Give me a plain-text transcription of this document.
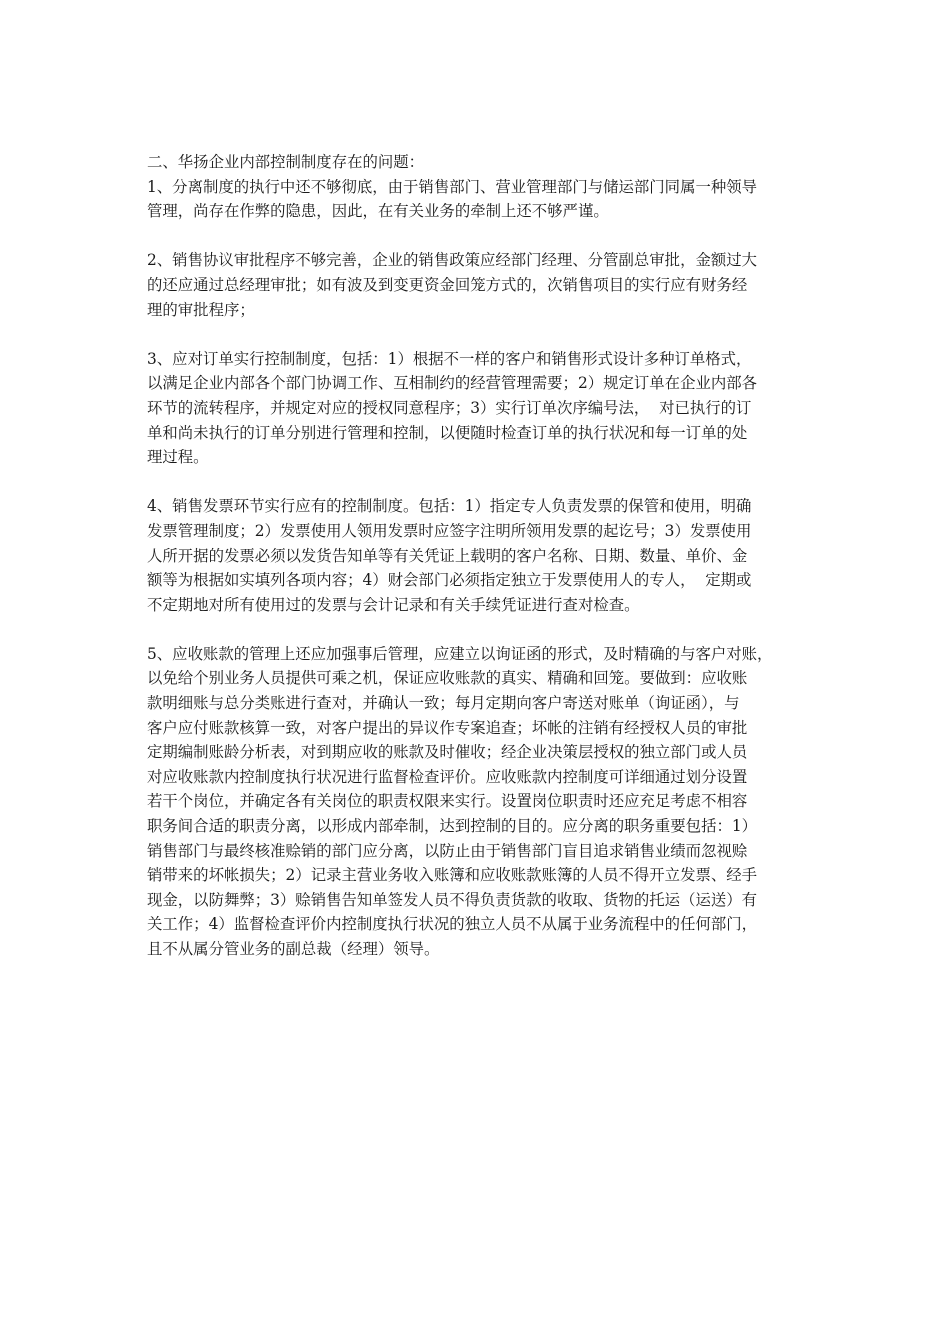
二、华扬企业内部控制制度存在的问题：
1、分离制度的执行中还不够彻底，由于销售部门、营业管理部门与储运部门同属一种领导
管理，尚存在作弊的隐患，因此，在有关业务的牵制上还不够严谨。
2、销售协议审批程序不够完善，企业的销售政策应经部门经理、分管副总审批，金额过大
的还应通过总经理审批；如有波及到变更资金回笼方式的，次销售项目的实行应有财务经
理的审批程序；
3、应对订单实行控制制度，包括：1）根据不一样的客户和销售形式设计多种订单格式，
以满足企业内部各个部门协调工作、互相制约的经营管理需要；2）规定订单在企业内部各
环节的流转程序，并规定对应的授权同意程序；3）实行订单次序编号法，  对已执行的订
单和尚未执行的订单分别进行管理和控制，以便随时检查订单的执行状况和每一订单的处
理过程。
4、销售发票环节实行应有的控制制度。包括：1）指定专人负责发票的保管和使用，明确
发票管理制度；2）发票使用人领用发票时应签字注明所领用发票的起讫号；3）发票使用
人所开据的发票必须以发货告知单等有关凭证上载明的客户名称、日期、数量、单价、金
额等为根据如实填列各项内容；4）财会部门必须指定独立于发票使用人的专人，  定期或
不定期地对所有使用过的发票与会计记录和有关手续凭证进行查对检查。
5、应收账款的管理上还应加强事后管理，应建立以询证函的形式，及时精确的与客户对账，
以免给个别业务人员提供可乘之机，保证应收账款的真实、精确和回笼。要做到：应收账
款明细账与总分类账进行查对，并确认一致；每月定期向客户寄送对账单（询证函），与
客户应付账款核算一致，对客户提出的异议作专案追查；坏帐的注销有经授权人员的审批
定期编制账龄分析表，对到期应收的账款及时催收；经企业决策层授权的独立部门或人员
对应收账款内控制度执行状况进行监督检查评价。应收账款内控制度可详细通过划分设置
若干个岗位，并确定各有关岗位的职责权限来实行。设置岗位职责时还应充足考虑不相容
职务间合适的职责分离，以形成内部牵制，达到控制的目的。应分离的职务重要包括：1）
销售部门与最终核准赊销的部门应分离，以防止由于销售部门盲目追求销售业绩而忽视赊
销带来的坏帐损失；2）记录主营业务收入账簿和应收账款账簿的人员不得开立发票、经手
现金，以防舞弊；3）赊销售告知单签发人员不得负责货款的收取、货物的托运（运送）有
关工作；4）监督检查评价内控制度执行状况的独立人员不从属于业务流程中的任何部门，
且不从属分管业务的副总裁（经理）领导。
